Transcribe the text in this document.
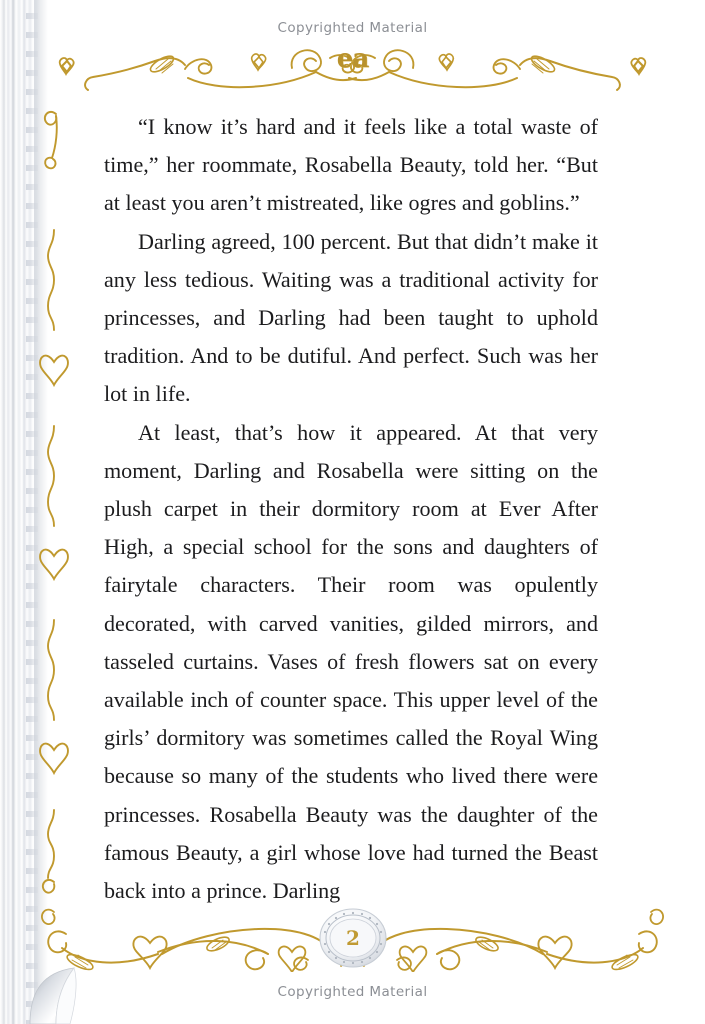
Copyrighted Material
ea

“I know it’s hard and it feels like a total waste of time,” her roommate, Rosabella Beauty, told her. “But at least you aren’t mistreated, like ogres and goblins.”

Darling agreed, 100 percent. But that didn’t make it any less tedious. Waiting was a traditional activity for princesses, and Darling had been taught to uphold tradition. And to be dutiful. And perfect. Such was her lot in life.

At least, that’s how it appeared. At that very moment, Darling and Rosabella were sitting on the plush carpet in their dormitory room at Ever After High, a special school for the sons and daughters of fairytale characters. Their room was opulently decorated, with carved vanities, gilded mirrors, and tasseled curtains. Vases of fresh flowers sat on every available inch of counter space. This upper level of the girls’ dormitory was sometimes called the Royal Wing because so many of the students who lived there were princesses. Rosabella Beauty was the daughter of the famous Beauty, a girl whose love had turned the Beast back into a prince. Darling

2
Copyrighted Material
